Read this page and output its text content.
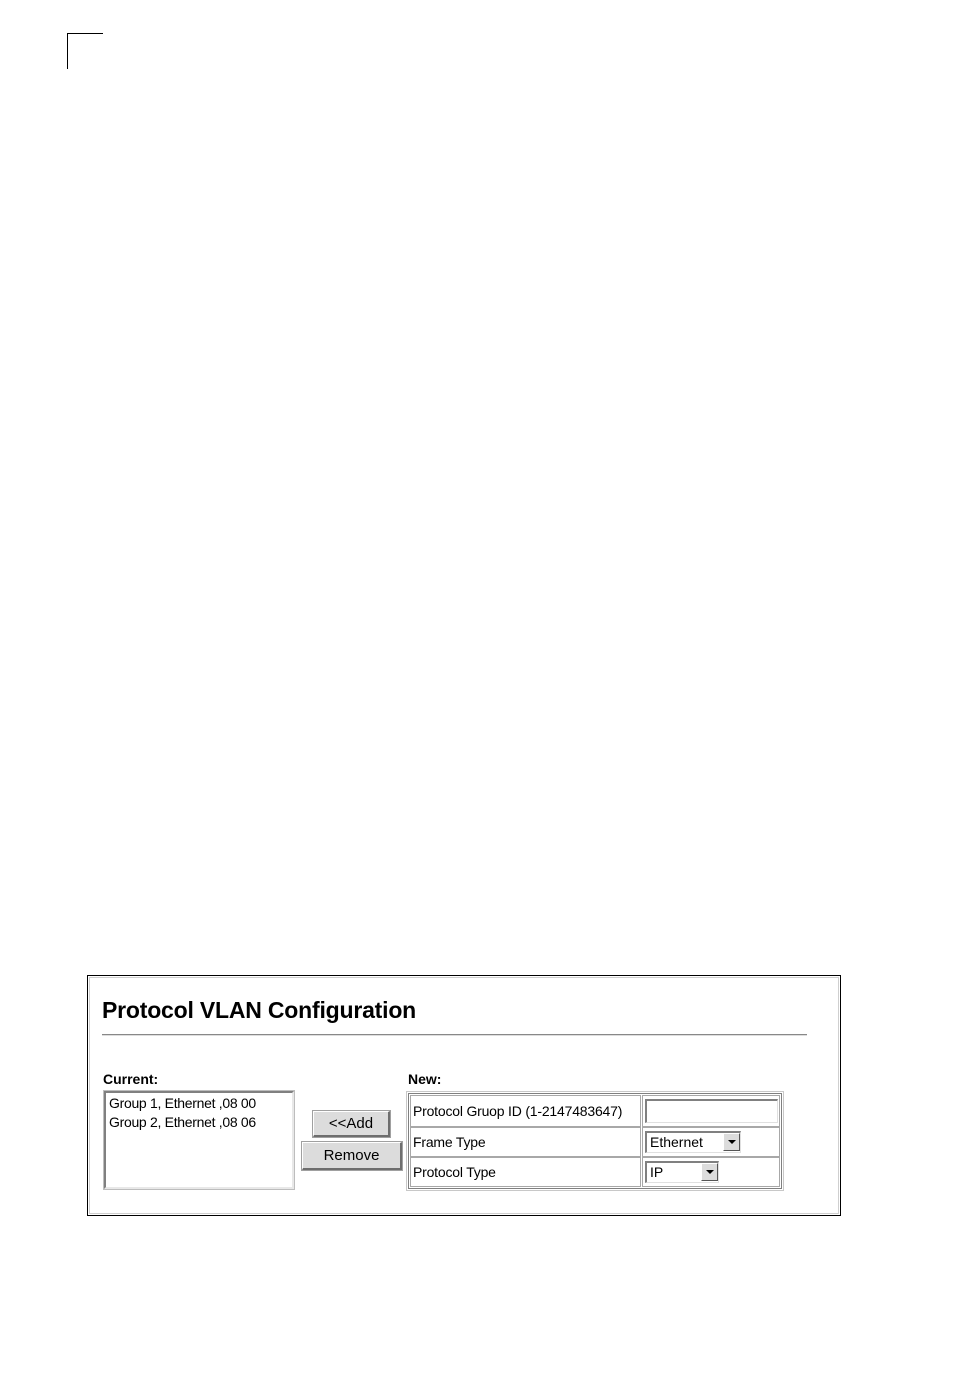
Protocol VLAN Configuration
Current:
Group 1, Ethernet ,08 00
Group 2, Ethernet ,08 06	<<Add
Remove
New:
Protocol Gruop ID (1-2147483647)
Frame Type	Ethernet
Protocol Type	IP
